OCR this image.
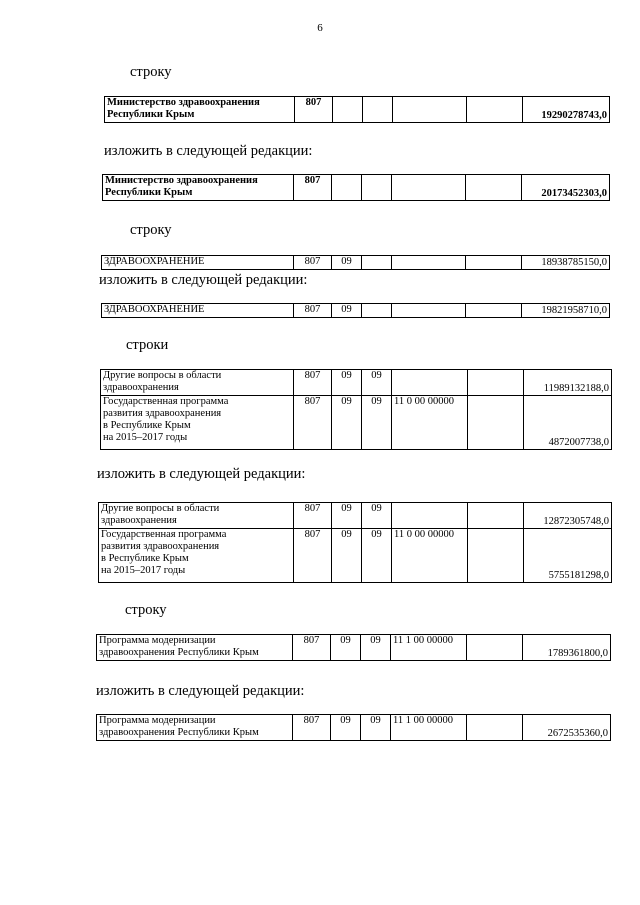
6
строку
Министерство здравоохранения
Республики Крым
	807					19290278743,0
изложить в следующей редакции:
Министерство здравоохранения
Республики Крым
	807					20173452303,0
строку
ЗДРАВООХРАНЕНИЕ	807	09				18938785150,0
изложить в следующей редакции:
ЗДРАВООХРАНЕНИЕ	807	09				19821958710,0
строки
Другие вопросы в области
здравоохранения	807	09	09			11989132188,0

Государственная программа
развития здравоохранения
в Республике Крым
на 2015–2017 годы	807	09	09	11 0 00 00000		4872007738,0
изложить в следующей редакции:
Другие вопросы в области
здравоохранения	807	09	09			12872305748,0

Государственная программа
развития здравоохранения
в Республике Крым
на 2015–2017 годы	807	09	09	11 0 00 00000		5755181298,0
строку
Программа модернизации
здравоохранения Республики Крым
	807	09	09	11 1 00 00000		1789361800,0
изложить в следующей редакции:
Программа модернизации
здравоохранения Республики Крым
	807	09	09	11 1 00 00000		2672535360,0
